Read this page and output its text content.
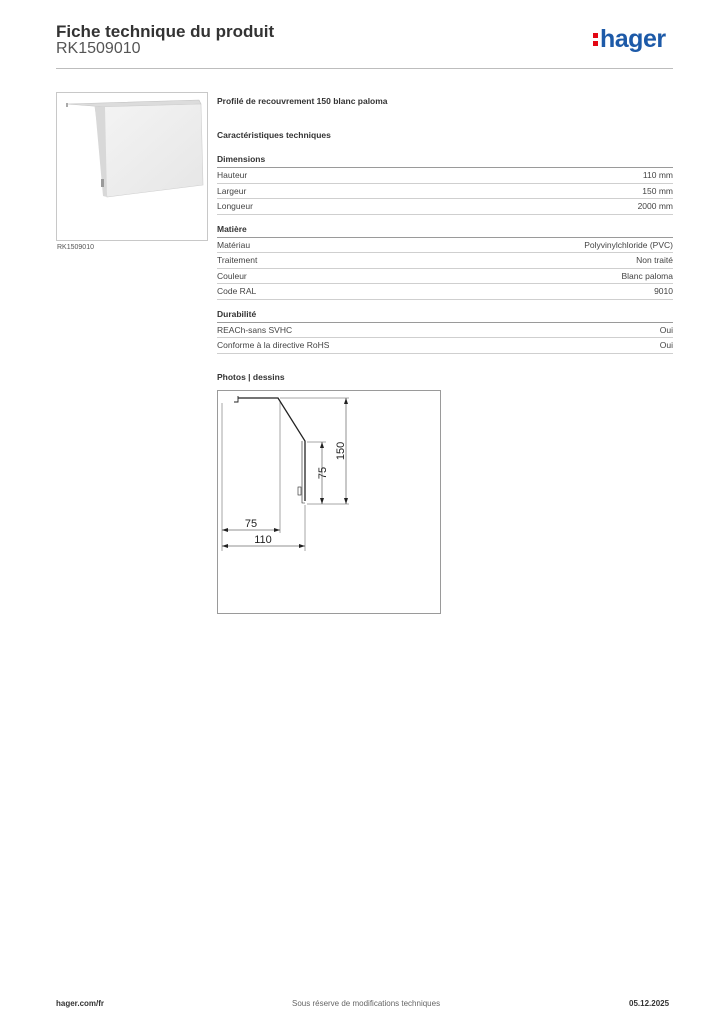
Fiche technique du produit
RK1509010	hager
RK1509010
Profilé de recouvrement 150 blanc paloma
Caractéristiques techniques
Dimensions
Hauteur	110 mm
Largeur	150 mm
Longueur	2000 mm
Matière
Matériau	Polyvinylchloride (PVC)
Traitement	Non traité
Couleur	Blanc paloma
Code RAL	9010
Durabilité
REACh-sans SVHC	Oui
Conforme à la directive RoHS	Oui
Photos | dessins
150
75
75
110
hager.com/fr	Sous réserve de modifications techniques	05.12.2025
